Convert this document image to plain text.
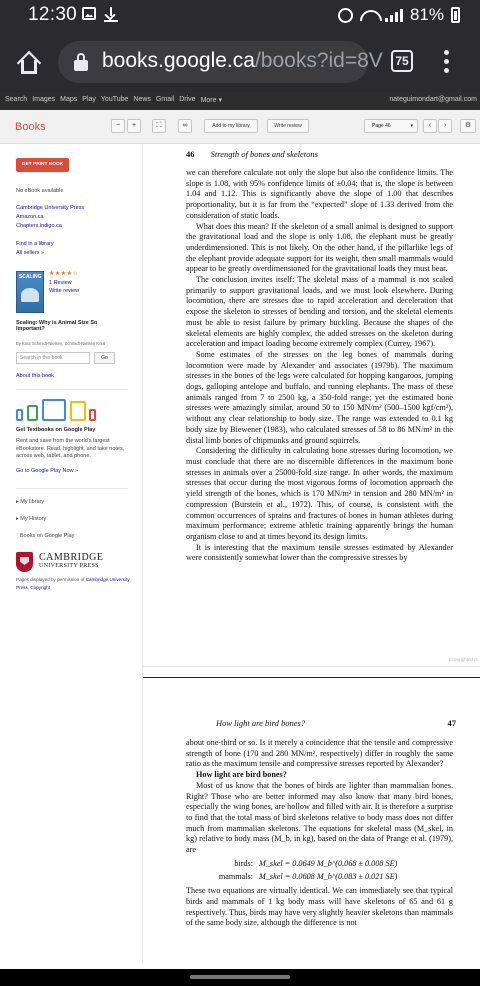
12:30	81%
books.google.ca/books?id=8V	75
Search Images Maps Play YouTube News Gmail Drive More ▾	nateguimondart@gmail.com
Books	−	+	⛶	∞	Add to my library	Write review	Page 46	▾	‹	›	⚙
GET PRINT BOOK
No eBook available
Cambridge University Press
Amazon.ca
Chapters.indigo.ca
Find in a library
All sellers »
SCALING ★★★★☆
1 Review
Write review
Scaling: Why is Animal Size So Important?
By Knut Schmidt-Nielsen, Schmidt-Nielsen Knut
Search in this book	Go
About this book
Get Textbooks on Google Play
Rent and save from the world's largest eBookstore. Read, highlight, and take notes, across web, tablet, and phone.
Go to Google Play Now »
▸ My library
▸ My History
Books on Google Play
CAMBRIDGE
UNIVERSITY PRESS
Pages displayed by permission of Cambridge University Press. Copyright
46 Strength of bones and skeletons

we can therefore calculate not only the slope but also the confidence limits. The slope is 1.08, with 95% confidence limits of ±0.04; that is, the slope is between 1.04 and 1.12. This is significantly above the slope of 1.00 that describes proportionality, but it is far from the “expected” slope of 1.33 derived from the consideration of static loads.

What does this mean? If the skeleton of a small animal is designed to support the gravitational load and the slope is only 1.08, the elephant must be greatly underdimensioned. This is not likely. On the other hand, if the pillarlike legs of the elephant provide adequate support for its weight, then small mammals would appear to be greatly overdimensioned for the gravitational loads they must bear.

The conclusion invites itself: The skeletal mass of a mammal is not scaled primarily to support gravitational loads, and we must look elsewhere. During locomotion, there are stresses due to rapid acceleration and deceleration that expose the skeleton to stresses of bending and torsion, and the skeletal elements must be able to resist failure by primary buckling. Because the shapes of the skeletal elements are highly complex, the added stresses on the skeleton during acceleration and impact loading become extremely complex (Currey, 1967).

Some estimates of the stresses on the leg bones of mammals during locomotion were made by Alexander and associates (1979b). The maximum stresses in the bones of the legs were calculated for hopping kangaroos, jumping dogs, galloping antelope and buffalo, and running elephants. The mass of these animals ranged from 7 to 2500 kg, a 350-fold range; yet the estimated bone stresses were amazingly similar, around 50 to 150 MN/m² (500–1500 kgf/cm²), without any clear relationship to body size. The range was extended to 0.1 kg body size by Biewener (1983), who calculated stresses of 58 to 86 MN/m² in the distal limb bones of chipmunks and ground squirrels.

Considering the difficulty in calculating bone stresses during locomotion, we must conclude that there are no discernible differences in the maximum bone stresses in animals over a 25000-fold size range. In other words, the maximum stresses that occur during the most vigorous forms of locomotion approach the yield strength of the bones, which is 170 MN/m² in tension and 280 MN/m² in compression (Burstein et al., 1972). This, of course, is consistent with the common occurrences of sprains and fractures of bones in human athletes during maximum performance; extreme athletic training apparently brings the human organism close to and at times beyond its design limits.

It is interesting that the maximum tensile stresses estimated by Alexander were consistently somewhat lower than the compressive stresses by

Copyrighted m
How light are bird bones?	47

about one-third or so. Is it merely a coincidence that the tensile and compressive strength of bone (170 and 280 MN/m², respectively) differ in roughly the same ratio as the maximum tensile and compressive stresses reported by Alexander?

How light are bird bones?

Most of us know that the bones of birds are lighter than mammalian bones. Right? Those who are better informed may also know that many bird bones, especially the wing bones, are hollow and filled with air. It is therefore a surprise to find that the total mass of bird skeletons relative to body mass does not differ much from mammalian skeletons. The equations for skeletal mass (M_skel, in kg) relative to body mass (M_b, in kg), based on the data of Prange et al. (1979), are

birds: M_skel = 0.0649 M_b^(0.068 ± 0.008 SE)
mammals: M_skel = 0.0608 M_b^(0.083 ± 0.021 SE)

These two equations are virtually identical. We can immediately see that typical birds and mammals of 1 kg body mass will have skeletons of 65 and 61 g respectively. Thus, birds may have very slightly heavier skeletons than mammals of the same body size, although the difference is not
